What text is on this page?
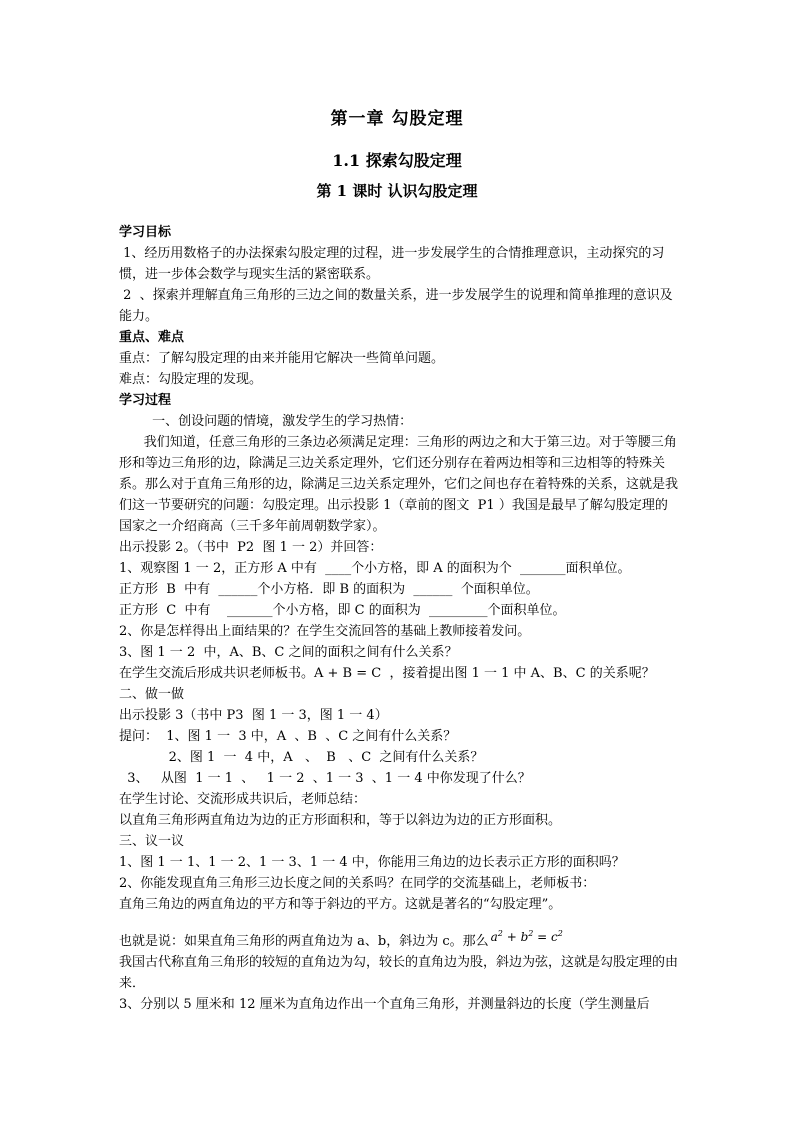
第一章 勾股定理
1.1 探索勾股定理
第 1 课时 认识勾股定理

学习目标

1、经历用数格子的办法探索勾股定理的过程，进一步发展学生的合情推理意识，主动探究的习惯，进一步体会数学与现实生活的紧密联系。

2  、探索并理解直角三角形的三边之间的数量关系，进一步发展学生的说理和简单推理的意识及能力。

重点、难点

重点：了解勾股定理的由来并能用它解决一些简单问题。

难点：勾股定理的发现。

学习过程

一、创设问题的情境，激发学生的学习热情：

我们知道，任意三角形的三条边必须满足定理：三角形的两边之和大于第三边。对于等腰三角形和等边三角形的边，除满足三边关系定理外，它们还分别存在着两边相等和三边相等的特殊关系。那么对于直角三角形的边，除满足三边关系定理外，它们之间也存在着特殊的关系，这就是我们这一节要研究的问题：勾股定理。出示投影 1（章前的图文  P1 ）我国是最早了解勾股定理的国家之一介绍商高（三千多年前周朝数学家）。

出示投影 2。（书中  P2  图 1 一 2）并回答：

1、观察图 1 一 2，正方形 A 中有  ____个小方格，即 A 的面积为个  _______面积单位。

正方形  B  中有  ______个小方格．即 B 的面积为  ______  个面积单位。

正方形  C  中有    _______个小方格，即 C 的面积为  _________个面积单位。

2、你是怎样得出上面结果的？在学生交流回答的基础上教师接着发问。

3、图 1 一 2  中，A、B、C 之间的面积之间有什么关系？

在学生交流后形成共识老师板书。A + B = C  ，接着提出图 1 一 1 中 A、B、C 的关系呢？

二、做一做

出示投影 3（书中 P3  图 1 一 3，图 1 一 4）

提问：  1、图 1 一  3 中，A  、B  、C 之间有什么关系？

2、图 1  一  4 中，A   、  B   、C  之间有什么关系？

3、   从图  1 一 1  、   1 一 2  、1 一 3  、1 一 4 中你发现了什么？

在学生讨论、交流形成共识后，老师总结：

以直角三角形两直角边为边的正方形面积和，等于以斜边为边的正方形面积。

三、议一议

1、图 1 一 1、1 一 2、1 一 3、1 一 4 中，你能用三角边的边长表示正方形的面积吗？

2、你能发现直角三角形三边长度之间的关系吗？在同学的交流基础上，老师板书：

直角三角边的两直角边的平方和等于斜边的平方。这就是著名的“勾股定理”。

也就是说：如果直角三角形的两直角边为 a、b，斜边为 c。那么 $a^2 + b^2 = c^2$

我国古代称直角三角形的较短的直角边为勾，较长的直角边为股，斜边为弦，这就是勾股定理的由来．

3、分别以 5 厘米和 12 厘米为直角边作出一个直角三角形，并测量斜边的长度（学生测量后
